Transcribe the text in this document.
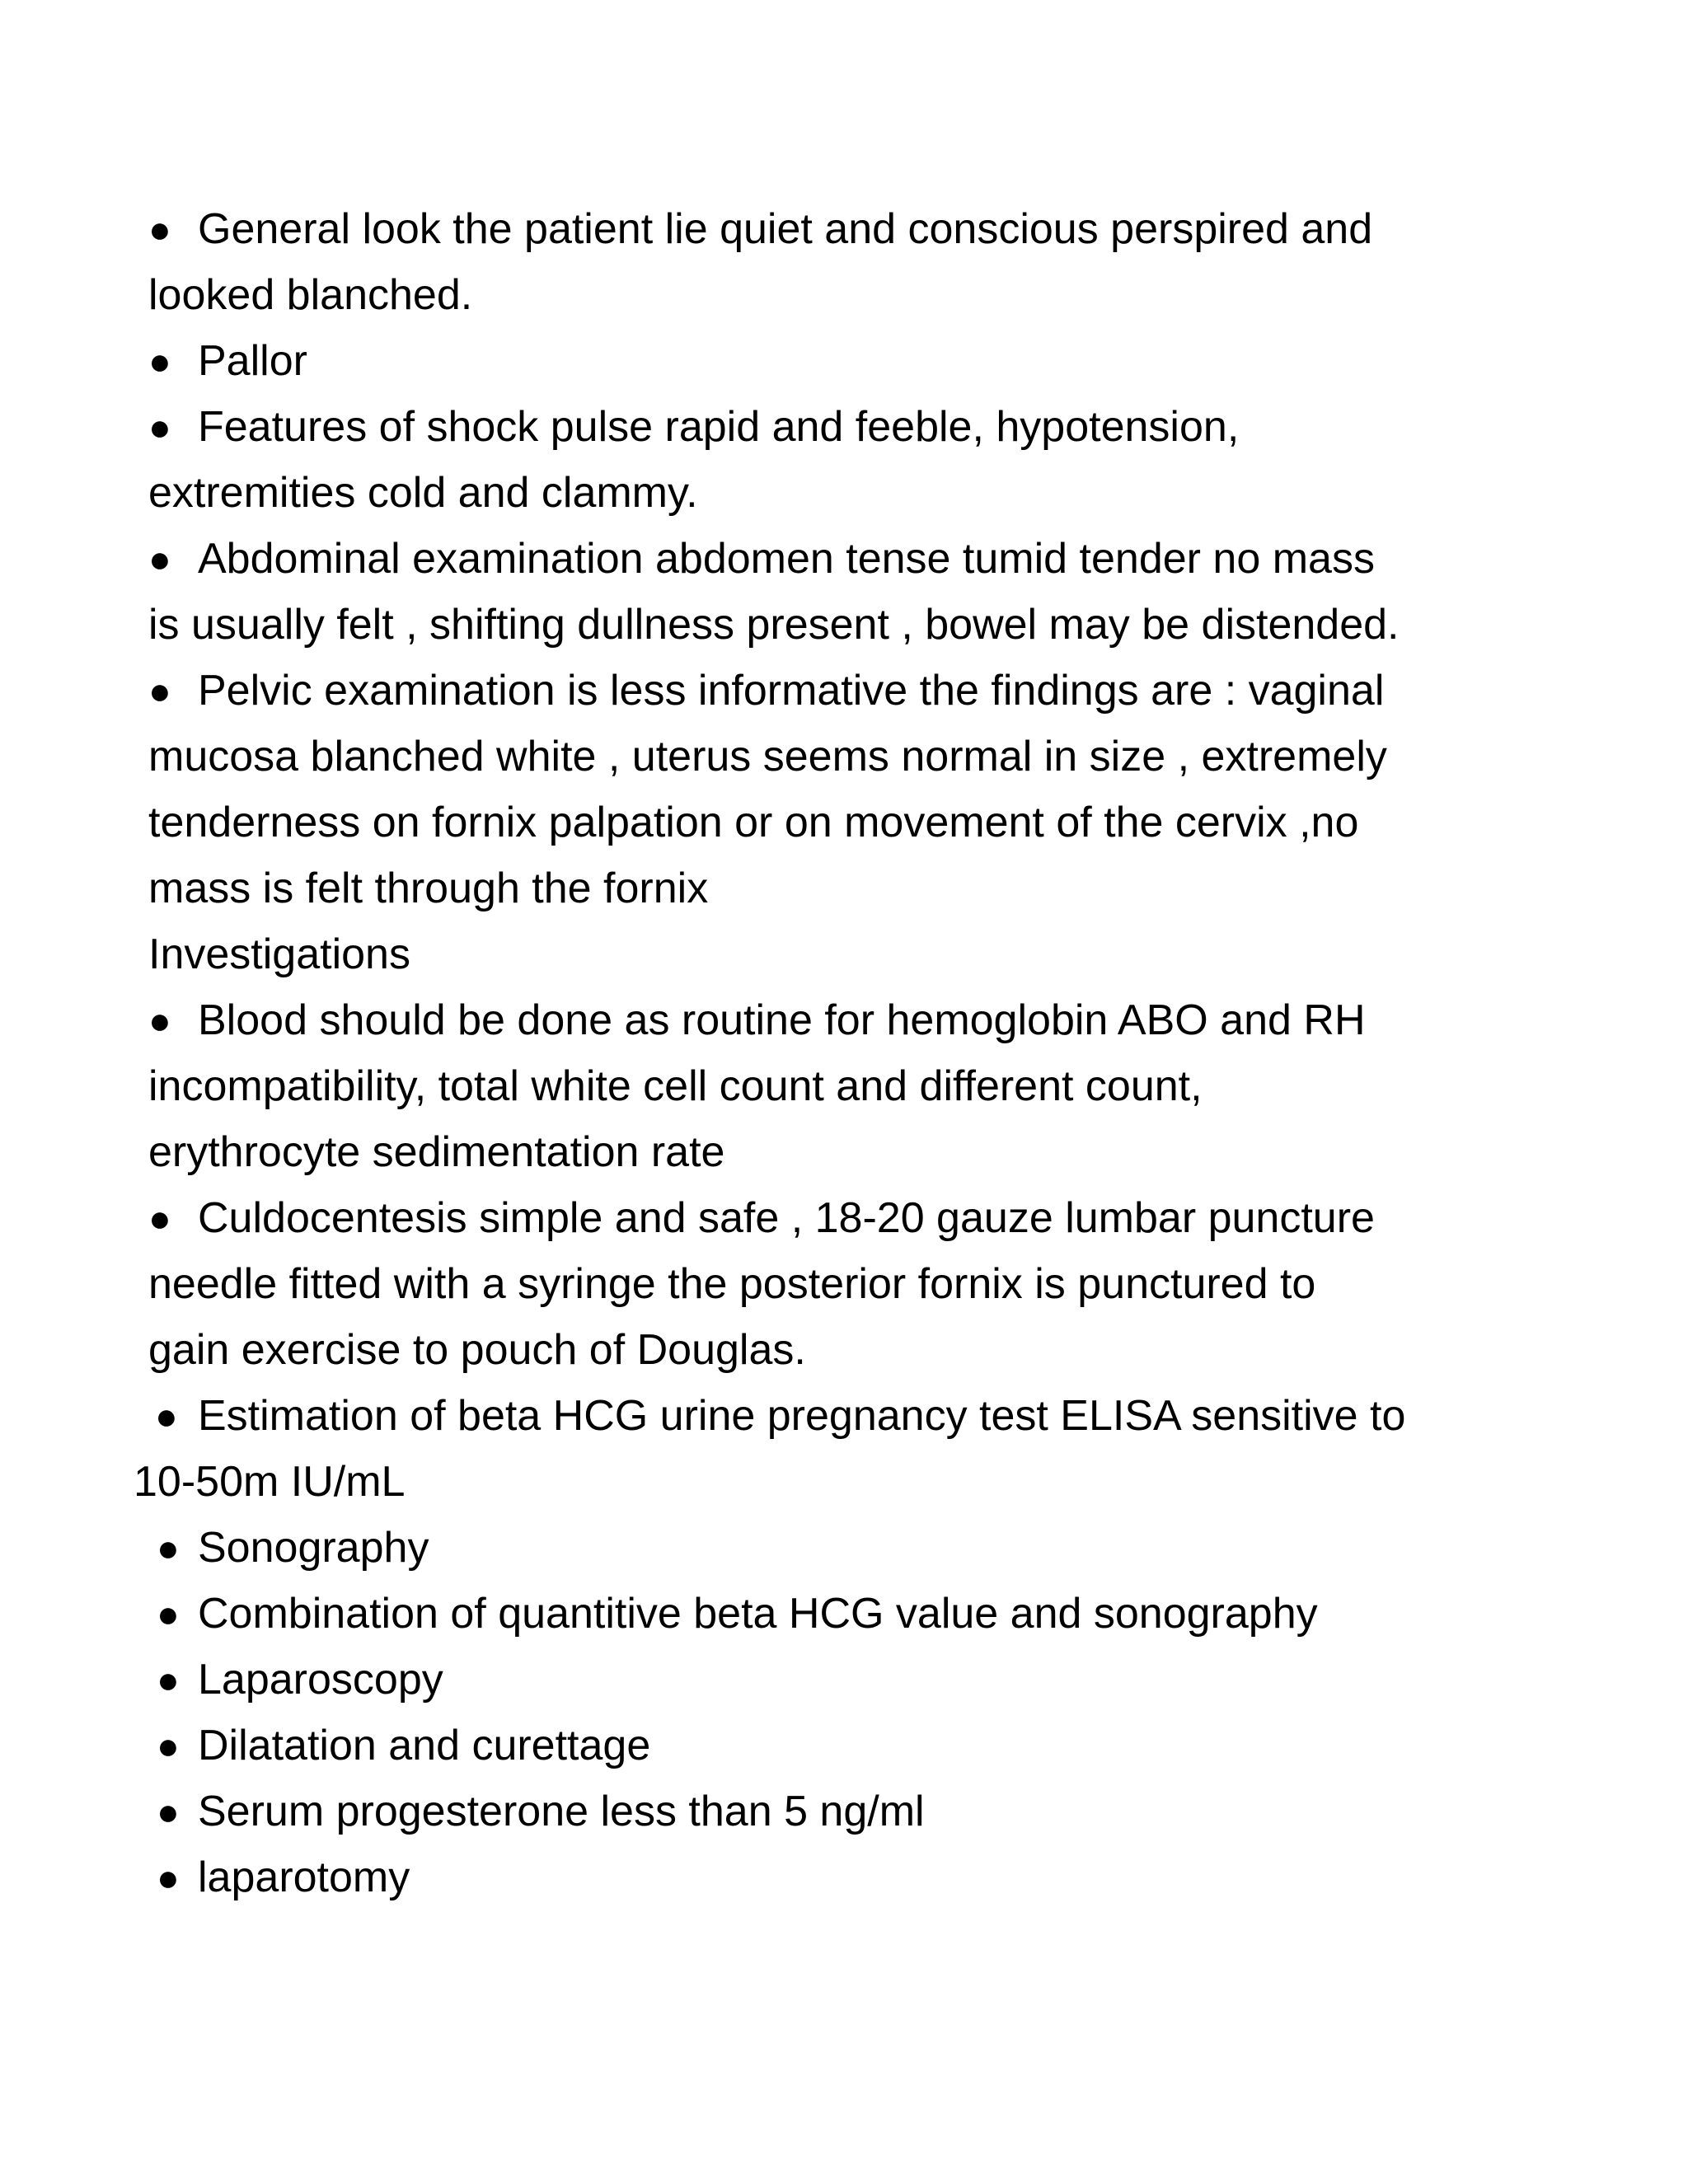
● General look the patient lie quiet and conscious perspired and

looked blanched.
● Pallor
● Features of shock pulse rapid and feeble, hypotension,

extremities cold and clammy.
● Abdominal examination abdomen tense tumid tender no mass

is usually felt , shifting dullness present , bowel may be distended.
● Pelvic examination is less informative the findings are : vaginal

mucosa blanched white , uterus seems normal in size , extremely
tenderness on fornix palpation or on movement of the cervix ,no
mass is felt through the fornix
Investigations
● Blood should be done as routine for hemoglobin ABO and RH

incompatibility, total white cell count and different count,
erythrocyte sedimentation rate
● Culdocentesis simple and safe , 18-20 gauze lumbar puncture

needle fitted with a syringe the posterior fornix is punctured to
gain exercise to pouch of Douglas.
● Estimation of beta HCG urine pregnancy test ELISA sensitive to

10-50m IU/mL
● Sonography
● Combination of quantitive beta HCG value and sonography
● Laparoscopy
● Dilatation and curettage
● Serum progesterone less than 5 ng/ml
● laparotomy
